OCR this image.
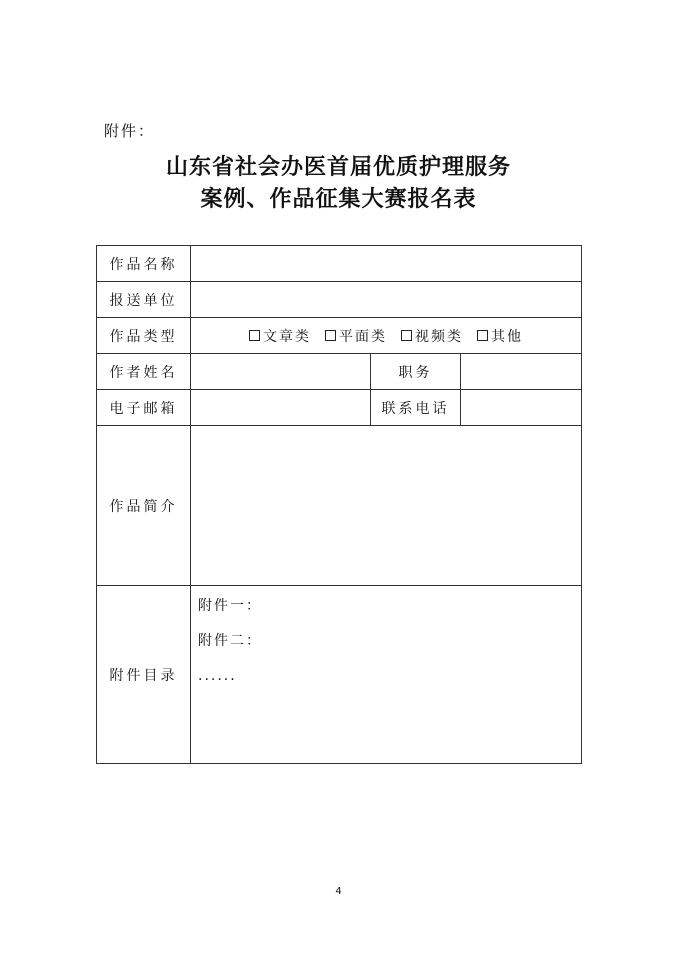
附件：
山东省社会办医首届优质护理服务
案例、作品征集大赛报名表
作品名称			
报送单位			
作品类型	文章类 平面类 视频类 其他		

作者姓名		职务	
电子邮箱		联系电话	
作品简介			
附件目录	附件一：
附件二：
......		
4
